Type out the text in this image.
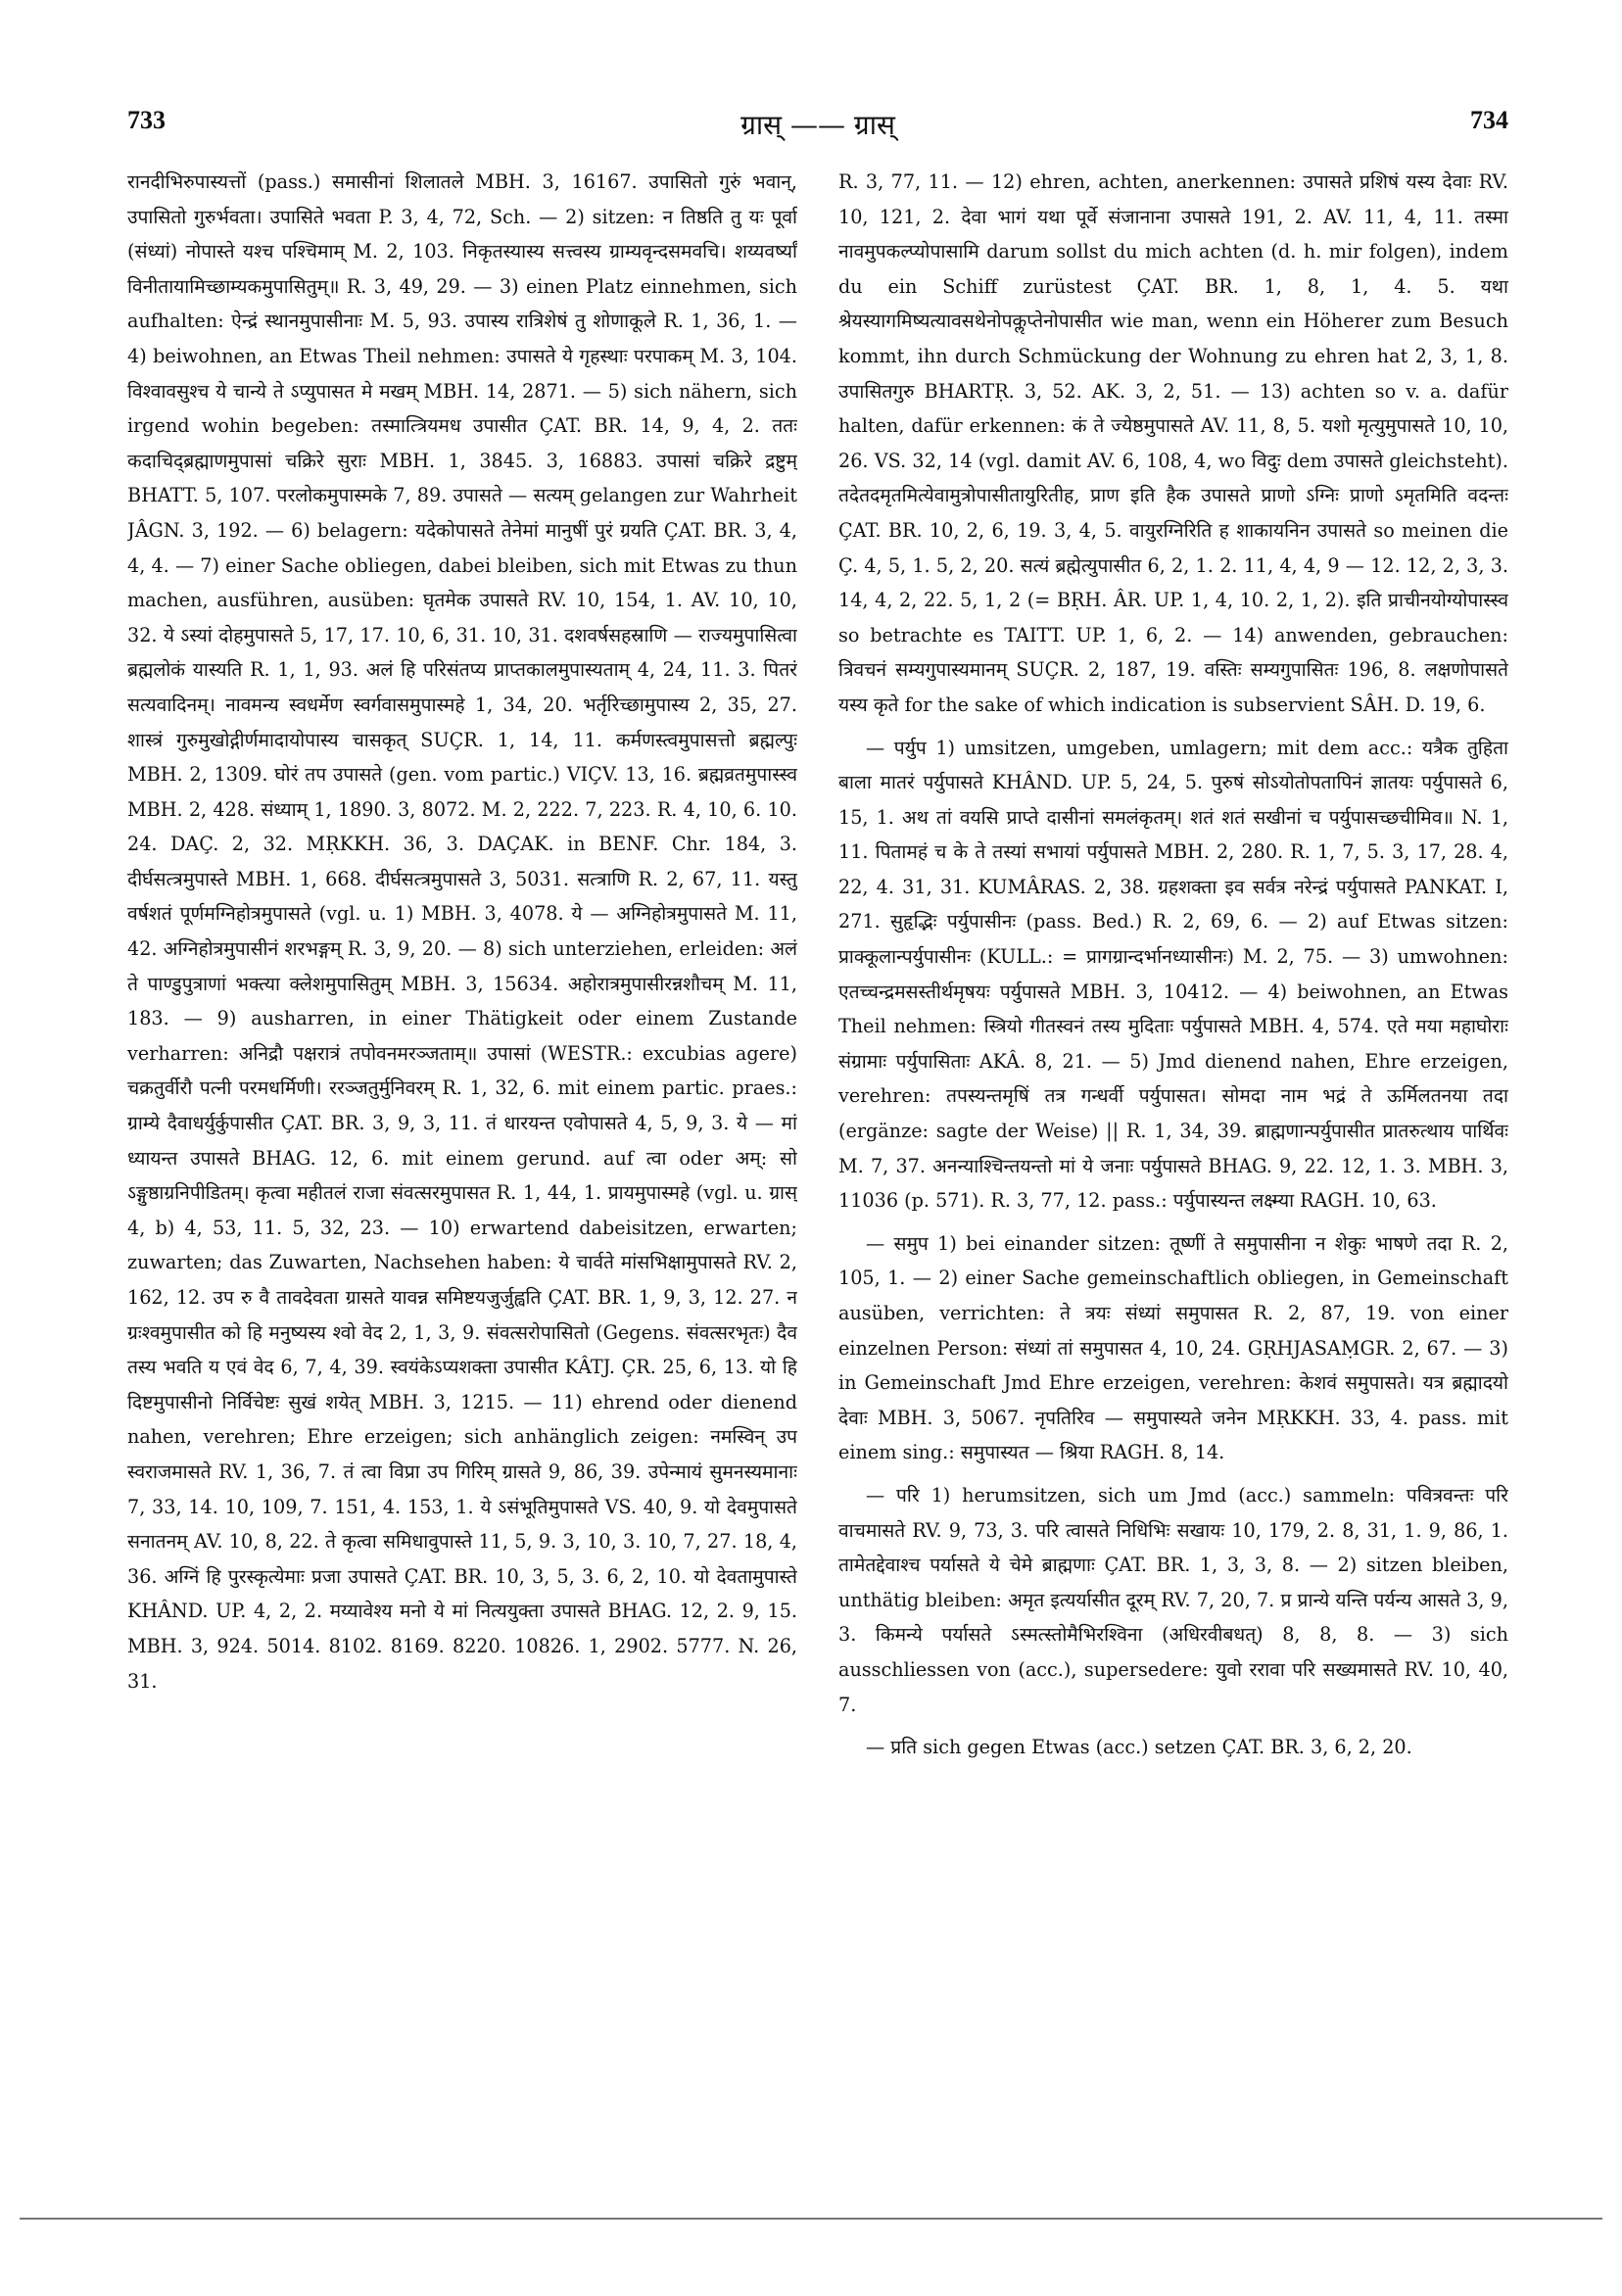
733	ग्रास् —— ग्रास्	734

रानदीभिरुपास्यत्तों (pass.) समासीनां शिलातले MBH. 3, 16167. उपासितो गुरुं भवान्, उपासितो गुरुर्भवता। उपासिते भवता P. 3, 4, 72, Sch. — 2) sitzen: न तिष्ठति तु यः पूर्वा (संध्यां) नोपास्ते यश्च पश्चिमाम् M. 2, 103. निकृतस्यास्य सत्त्वस्य ग्राम्यवृन्दसमवचि। शय्यवर्ष्यां विनीतायामिच्छाम्यकमुपासितुम्॥ R. 3, 49, 29. — 3) einen Platz einnehmen, sich aufhalten: ऐन्द्रं स्थानमुपासीनाः M. 5, 93. उपास्य रात्रिशेषं तु शोणाकूले R. 1, 36, 1. — 4) beiwohnen, an Etwas Theil nehmen: उपासते ये गृहस्थाः परपाकम् M. 3, 104. विश्वावसुश्च ये चान्ये ते ऽप्युपासत मे मखम् MBH. 14, 2871. — 5) sich nähern, sich irgend wohin begeben: तस्मात्त्रियमध उपासीत ÇAT. BR. 14, 9, 4, 2. ततः कदाचिद्ब्रह्माणमुपासां चक्रिरे सुराः MBH. 1, 3845. 3, 16883. उपासां चक्रिरे द्रष्टुम् BHATT. 5, 107. परलोकमुपास्मके 7, 89. उपासते — सत्यम् gelangen zur Wahrheit JÂGN. 3, 192. — 6) belagern: यदेकोपासते तेनेमां मानुषीं पुरं ग्रयति ÇAT. BR. 3, 4, 4, 4. — 7) einer Sache obliegen, dabei bleiben, sich mit Etwas zu thun machen, ausführen, ausüben: घृतमेक उपासते RV. 10, 154, 1. AV. 10, 10, 32. ये ऽस्यां दोहमुपासते 5, 17, 17. 10, 6, 31. 10, 31. दशवर्षसहस्राणि — राज्यमुपासित्वा ब्रह्मलोकं यास्यति R. 1, 1, 93. अलं हि परिसंतप्य प्राप्तकालमुपास्यताम् 4, 24, 11. 3. पितरं सत्यवादिनम्। नावमन्य स्वधर्मेण स्वर्गवासमुपास्महे 1, 34, 20. भर्तृरिच्छामुपास्य 2, 35, 27. शास्त्रं गुरुमुखोद्गीर्णमादायोपास्य चासकृत् SUÇR. 1, 14, 11. कर्मणस्त्वमुपासत्तो ब्रह्मल्पुः MBH. 2, 1309. घोरं तप उपासते (gen. vom partic.) VIÇV. 13, 16. ब्रह्मव्रतमुपास्स्व MBH. 2, 428. संध्याम् 1, 1890. 3, 8072. M. 2, 222. 7, 223. R. 4, 10, 6. 10. 24. DAÇ. 2, 32. MṚKKH. 36, 3. DAÇAK. in BENF. Chr. 184, 3. दीर्घसत्त्रमुपास्ते MBH. 1, 668. दीर्घसत्त्रमुपासते 3, 5031. सत्त्राणि R. 2, 67, 11. यस्तु वर्षशतं पूर्णमग्निहोत्रमुपासते (vgl. u. 1) MBH. 3, 4078. ये — अग्निहोत्रमुपासते M. 11, 42. अग्निहोत्रमुपासीनं शरभङ्गम् R. 3, 9, 20. — 8) sich unterziehen, erleiden: अलं ते पाण्डुपुत्राणां भक्त्या क्लेशमुपासितुम् MBH. 3, 15634. अहोरात्रमुपासीरन्नशौचम् M. 11, 183. — 9) ausharren, in einer Thätigkeit oder einem Zustande verharren: अनिद्रौ पक्षरात्रं तपोवनमरञ्जताम्॥ उपासां (WESTR.: excubias agere) चक्रतुर्वीरौ पत्नी परमधर्मिणी। ररञ्जतुर्मुनिवरम् R. 1, 32, 6. mit einem partic. praes.: ग्राम्ये दैवाधर्युर्कुपासीत ÇAT. BR. 3, 9, 3, 11. तं धारयन्त एवोपासते 4, 5, 9, 3. ये — मां ध्यायन्त उपासते BHAG. 12, 6. mit einem gerund. auf त्वा oder अम्: सो ऽङ्गुष्ठाग्रनिपीडितम्। कृत्वा महीतलं राजा संवत्सरमुपासत R. 1, 44, 1. प्रायमुपास्महे (vgl. u. ग्रास् 4, b) 4, 53, 11. 5, 32, 23. — 10) erwartend dabeisitzen, erwarten; zuwarten; das Zuwarten, Nachsehen haben: ये चार्वते मांसभिक्षामुपासते RV. 2, 162, 12. उप रु वै तावदेवता ग्रासते यावन्न समिष्टयजुर्जुह्वति ÇAT. BR. 1, 9, 3, 12. 27. न ग्रःश्वमुपासीत को हि मनुष्यस्य श्वो वेद 2, 1, 3, 9. संवत्सरोपासितो (Gegens. संवत्सरभृतः) दैव तस्य भवति य एवं वेद 6, 7, 4, 39. स्वयंकेऽप्यशक्ता उपासीत KÂTJ. ÇR. 25, 6, 13. यो हि दिष्टमुपासीनो निर्विचेष्टः सुखं शयेत् MBH. 3, 1215. — 11) ehrend oder dienend nahen, verehren; Ehre erzeigen; sich anhänglich zeigen: नमस्विन् उप स्वराजमासते RV. 1, 36, 7. तं त्वा विप्रा उप गिरिम् ग्रासते 9, 86, 39. उपेन्मायं सुमनस्यमानाः 7, 33, 14. 10, 109, 7. 151, 4. 153, 1. ये ऽसंभूतिमुपासते VS. 40, 9. यो देवमुपासते सनातनम् AV. 10, 8, 22. ते कृत्वा समिधावुपास्ते 11, 5, 9. 3, 10, 3. 10, 7, 27. 18, 4, 36. अग्निं हि पुरस्कृत्येमाः प्रजा उपासते ÇAT. BR. 10, 3, 5, 3. 6, 2, 10. यो देवतामुपास्ते KHÂND. UP. 4, 2, 2. मय्यावेश्य मनो ये मां नित्ययुक्ता उपासते BHAG. 12, 2. 9, 15. MBH. 3, 924. 5014. 8102. 8169. 8220. 10826. 1, 2902. 5777. N. 26, 31.

R. 3, 77, 11. — 12) ehren, achten, anerkennen: उपासते प्रशिषं यस्य देवाः RV. 10, 121, 2. देवा भागं यथा पूर्वे संजानाना उपासते 191, 2. AV. 11, 4, 11. तस्मा नावमुपकल्प्योपासामि darum sollst du mich achten (d. h. mir folgen), indem du ein Schiff zurüstest ÇAT. BR. 1, 8, 1, 4. 5. यथा श्रेयस्यागमिष्यत्यावसथेनोपकॢप्तेनोपासीत wie man, wenn ein Höherer zum Besuch kommt, ihn durch Schmückung der Wohnung zu ehren hat 2, 3, 1, 8. उपासितगुरु BHARTṚ. 3, 52. AK. 3, 2, 51. — 13) achten so v. a. dafür halten, dafür erkennen: कं ते ज्येष्ठमुपासते AV. 11, 8, 5. यशो मृत्युमुपासते 10, 10, 26. VS. 32, 14 (vgl. damit AV. 6, 108, 4, wo विदुः dem उपासते gleichsteht). तदेतदमृतमित्येवामुत्रोपासीतायुरितीह, प्राण इति हैक उपासते प्राणो ऽग्निः प्राणो ऽमृतमिति वदन्तः ÇAT. BR. 10, 2, 6, 19. 3, 4, 5. वायुरग्निरिति ह शाकायनिन उपासते so meinen die Ç. 4, 5, 1. 5, 2, 20. सत्यं ब्रह्मेत्युपासीत 6, 2, 1. 2. 11, 4, 4, 9 — 12. 12, 2, 3, 3. 14, 4, 2, 22. 5, 1, 2 (= BṚH. ÂR. UP. 1, 4, 10. 2, 1, 2). इति प्राचीनयोग्योपास्स्व so betrachte es TAITT. UP. 1, 6, 2. — 14) anwenden, gebrauchen: त्रिवचनं सम्यगुपास्यमानम् SUÇR. 2, 187, 19. वस्तिः सम्यगुपासितः 196, 8. लक्षणोपासते यस्य कृते for the sake of which indication is subservient SÂH. D. 19, 6.

— पर्युप 1) umsitzen, umgeben, umlagern; mit dem acc.: यत्रैक तुहिता बाला मातरं पर्युपासते KHÂND. UP. 5, 24, 5. पुरुषं सोऽयोतोपतापिनं ज्ञातयः पर्युपासते 6, 15, 1. अथ तां वयसि प्राप्ते दासीनां समलंकृतम्। शतं शतं सखीनां च पर्युपासच्छचीमिव॥ N. 1, 11. पितामहं च के ते तस्यां सभायां पर्युपासते MBH. 2, 280. R. 1, 7, 5. 3, 17, 28. 4, 22, 4. 31, 31. KUMÂRAS. 2, 38. ग्रहशक्ता इव सर्वत्र नरेन्द्रं पर्युपासते PANKAT. I, 271. सुहृद्भिः पर्युपासीनः (pass. Bed.) R. 2, 69, 6. — 2) auf Etwas sitzen: प्राक्कूलान्पर्युपासीनः (KULL.: = प्रागग्रान्दर्भानध्यासीनः) M. 2, 75. — 3) umwohnen: एतच्चन्द्रमसस्तीर्थमृषयः पर्युपासते MBH. 3, 10412. — 4) beiwohnen, an Etwas Theil nehmen: स्त्रियो गीतस्वनं तस्य मुदिताः पर्युपासते MBH. 4, 574. एते मया महाघोराः संग्रामाः पर्युपासिताः AKÂ. 8, 21. — 5) Jmd dienend nahen, Ehre erzeigen, verehren: तपस्यन्तमृषिं तत्र गन्धर्वी पर्युपासत। सोमदा नाम भद्रं ते ऊर्मिलतनया तदा (ergänze: sagte der Weise) || R. 1, 34, 39. ब्राह्मणान्पर्युपासीत प्रातरुत्थाय पार्थिवः M. 7, 37. अनन्याश्चिन्तयन्तो मां ये जनाः पर्युपासते BHAG. 9, 22. 12, 1. 3. MBH. 3, 11036 (p. 571). R. 3, 77, 12. pass.: पर्युपास्यन्त लक्ष्म्या RAGH. 10, 63.

— समुप 1) bei einander sitzen: तूष्णीं ते समुपासीना न शेकुः भाषणे तदा R. 2, 105, 1. — 2) einer Sache gemeinschaftlich obliegen, in Gemeinschaft ausüben, verrichten: ते त्रयः संध्यां समुपासत R. 2, 87, 19. von einer einzelnen Person: संध्यां तां समुपासत 4, 10, 24. GṚHJASAṂGR. 2, 67. — 3) in Gemeinschaft Jmd Ehre erzeigen, verehren: केशवं समुपासते। यत्र ब्रह्मादयो देवाः MBH. 3, 5067. नृपतिरिव — समुपास्यते जनेन MṚKKH. 33, 4. pass. mit einem sing.: समुपास्यत — श्रिया RAGH. 8, 14.

— परि 1) herumsitzen, sich um Jmd (acc.) sammeln: पवित्रवन्तः परि वाचमासते RV. 9, 73, 3. परि त्वासते निधिभिः सखायः 10, 179, 2. 8, 31, 1. 9, 86, 1. तामेतद्देवाश्च पर्यासते ये चेमे ब्राह्मणाः ÇAT. BR. 1, 3, 3, 8. — 2) sitzen bleiben, unthätig bleiben: अमृत इत्यर्यासीत दूरम् RV. 7, 20, 7. प्र प्रान्ये यन्ति पर्यन्य आसते 3, 9, 3. किमन्ये पर्यासते ऽस्मत्स्तोमैभिरश्विना (अधिरवीबधत्) 8, 8, 8. — 3) sich ausschliessen von (acc.), supersedere: युवो ररावा परि सख्यमासते RV. 10, 40, 7.

— प्रति sich gegen Etwas (acc.) setzen ÇAT. BR. 3, 6, 2, 20.
